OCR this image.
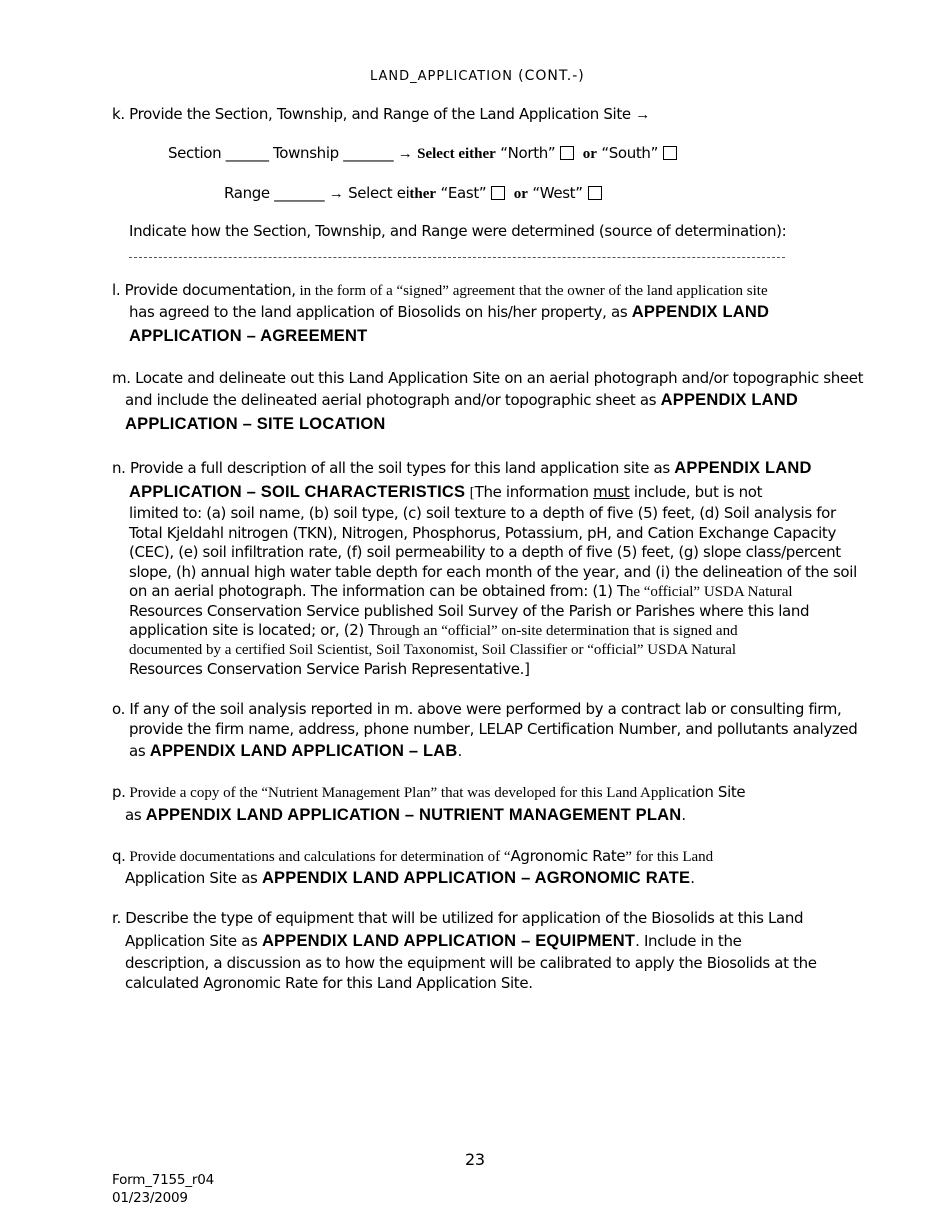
LAND_APPLICATION (CONT.-)
k. Provide the Section, Township, and Range of the Land Application Site →
Section ______ Township _______ → Select either “North” or “South”
Range _______ → Select either “East” or “West”
Indicate how the Section, Township, and Range were determined (source of determination):
l. Provide documentation, in the form of a “signed” agreement that the owner of the land application site
has agreed to the land application of Biosolids on his/her property, as APPENDIX LAND
APPLICATION – AGREEMENT
m. Locate and delineate out this Land Application Site on an aerial photograph and/or topographic sheet
and include the delineated aerial photograph and/or topographic sheet as APPENDIX LAND
APPLICATION – SITE LOCATION
n. Provide a full description of all the soil types for this land application site as APPENDIX LAND
APPLICATION – SOIL CHARACTERISTICS [The information must include, but is not
limited to: (a) soil name, (b) soil type, (c) soil texture to a depth of five (5) feet, (d) Soil analysis for
Total Kjeldahl nitrogen (TKN), Nitrogen, Phosphorus, Potassium, pH, and Cation Exchange Capacity
(CEC), (e) soil infiltration rate, (f) soil permeability to a depth of five (5) feet, (g) slope class/percent
slope, (h) annual high water table depth for each month of the year, and (i) the delineation of the soil
on an aerial photograph. The information can be obtained from: (1) The “official” USDA Natural
Resources Conservation Service published Soil Survey of the Parish or Parishes where this land
application site is located; or, (2) Through an “official” on-site determination that is signed and
documented by a certified Soil Scientist, Soil Taxonomist, Soil Classifier or “official” USDA Natural
Resources Conservation Service Parish Representative.]
o. If any of the soil analysis reported in m. above were performed by a contract lab or consulting firm,
provide the firm name, address, phone number, LELAP Certification Number, and pollutants analyzed
as APPENDIX LAND APPLICATION – LAB.
p. Provide a copy of the “Nutrient Management Plan” that was developed for this Land Application Site
as APPENDIX LAND APPLICATION – NUTRIENT MANAGEMENT PLAN.
q. Provide documentations and calculations for determination of “Agronomic Rate” for this Land
Application Site as APPENDIX LAND APPLICATION – AGRONOMIC RATE.
r. Describe the type of equipment that will be utilized for application of the Biosolids at this Land
Application Site as APPENDIX LAND APPLICATION – EQUIPMENT. Include in the
description, a discussion as to how the equipment will be calibrated to apply the Biosolids at the
calculated Agronomic Rate for this Land Application Site.
23
Form_7155_r04
01/23/2009
